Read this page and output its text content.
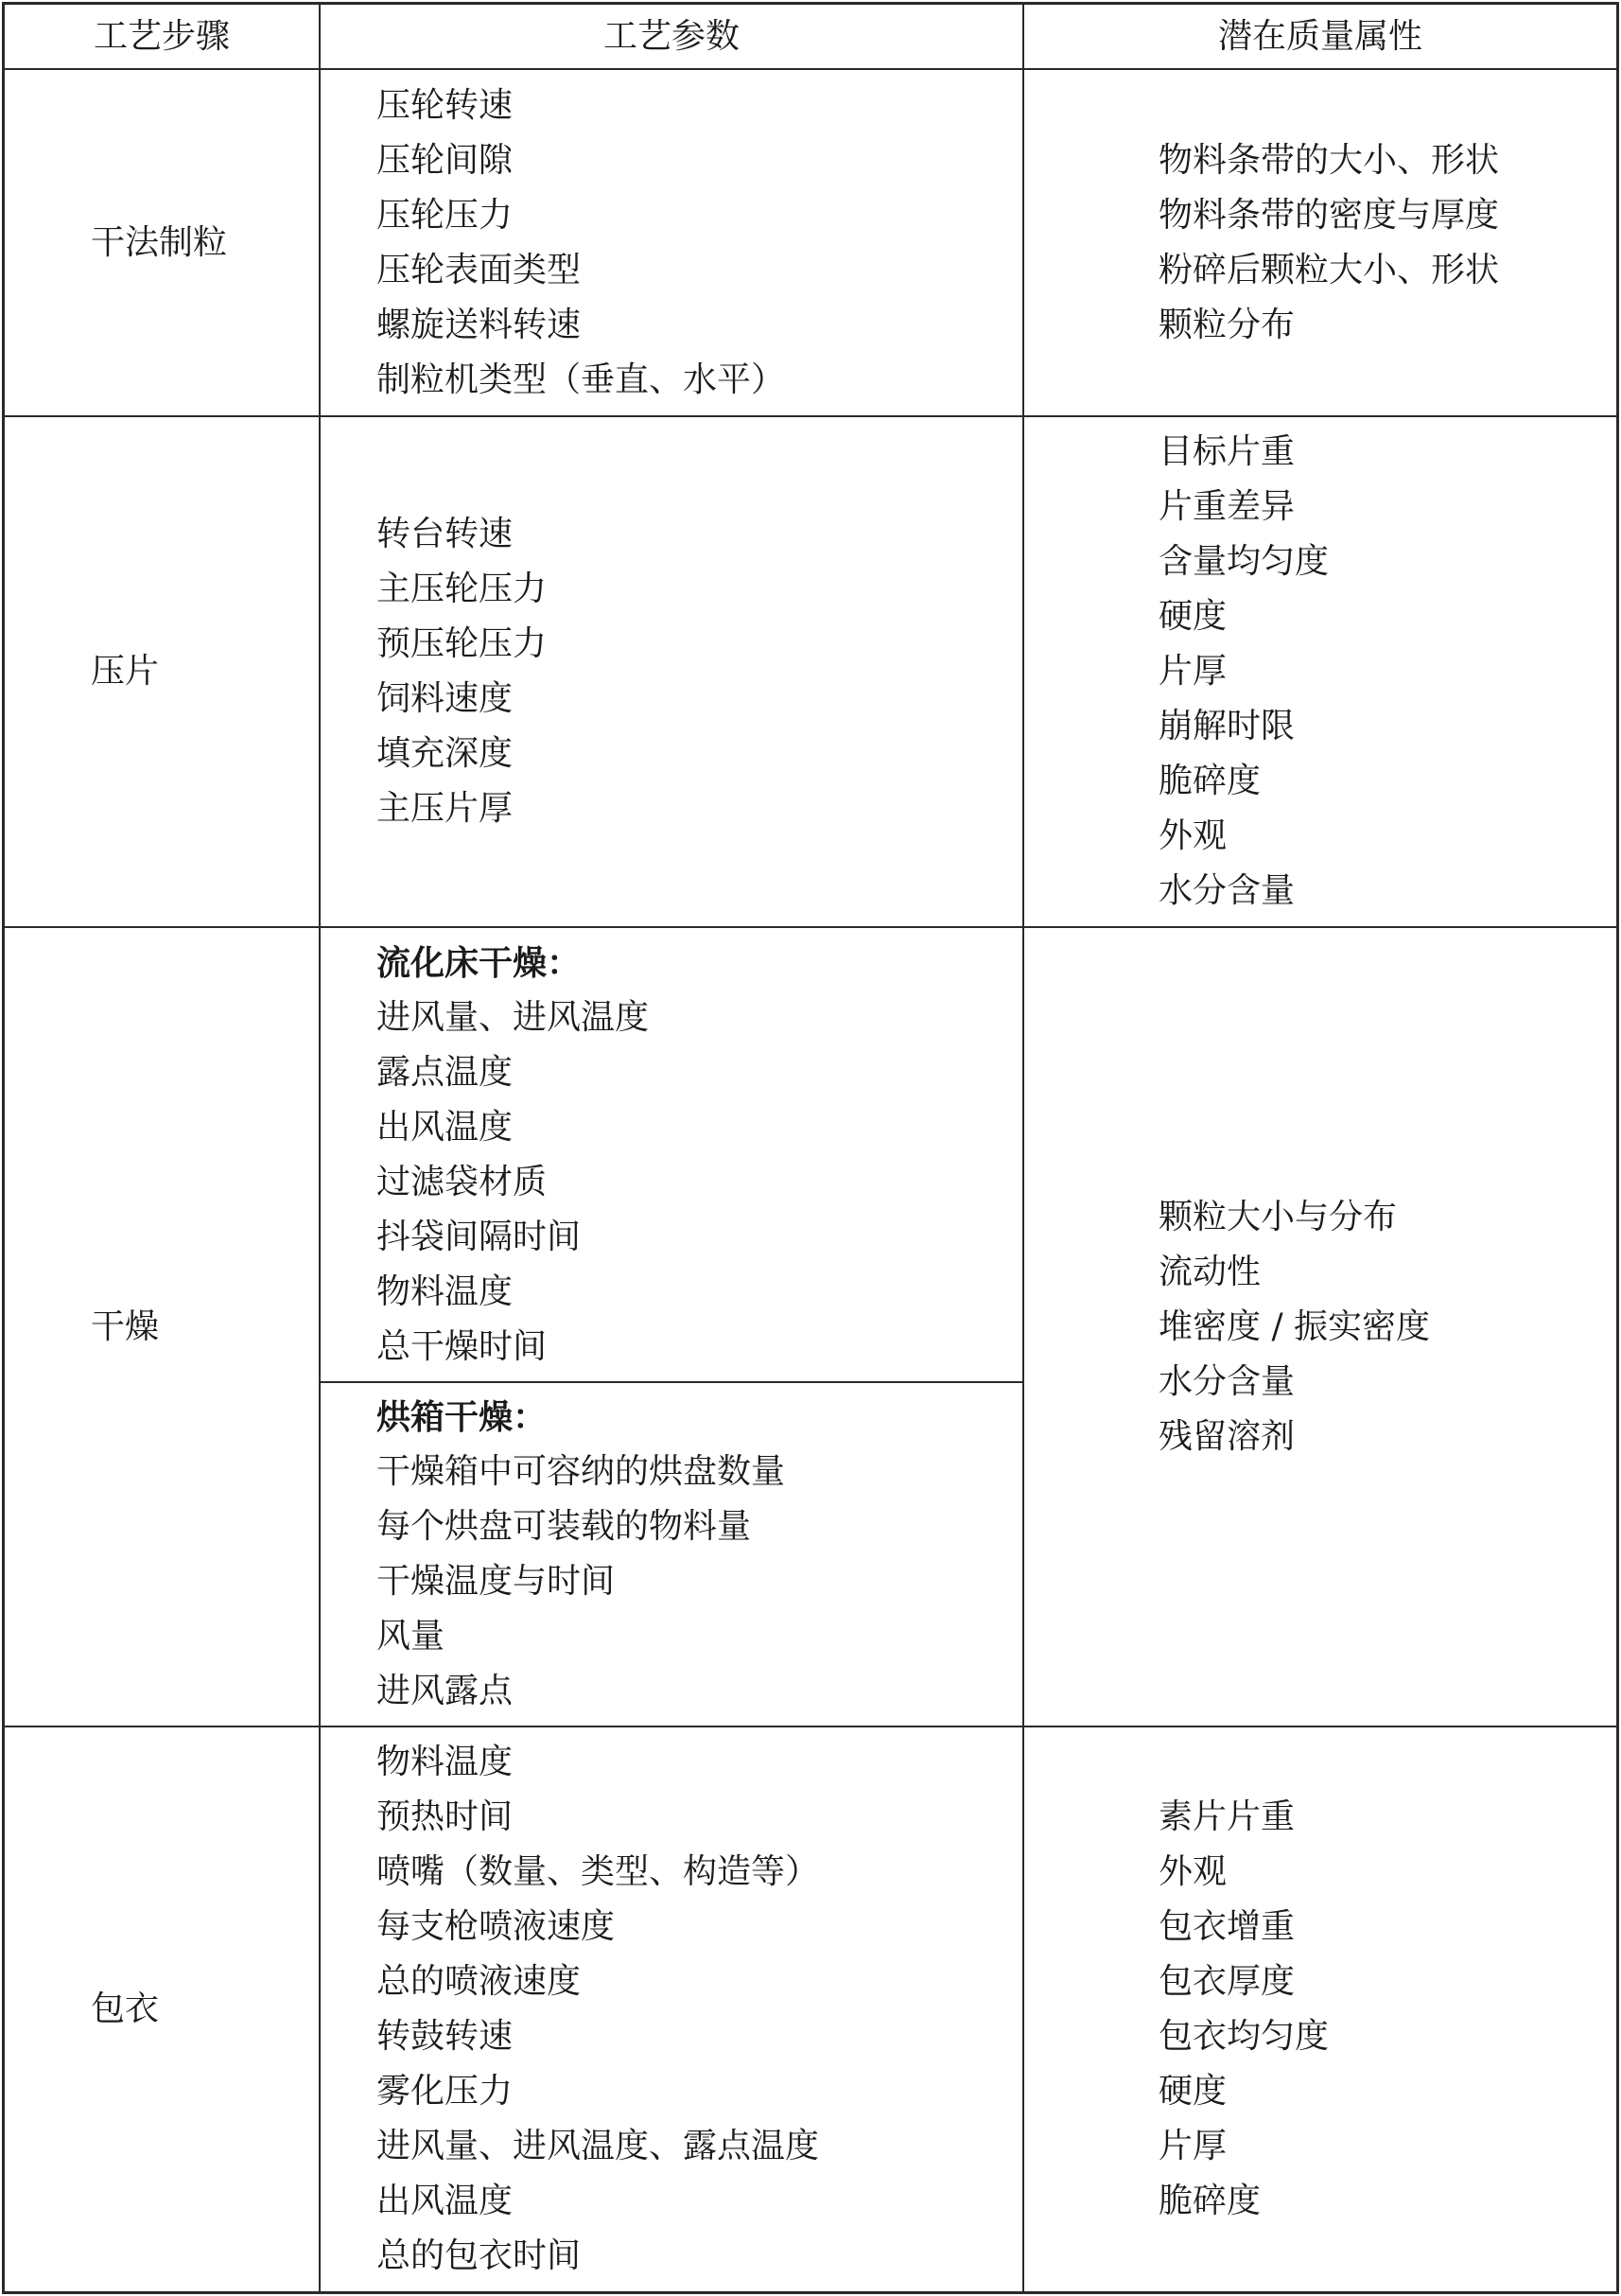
工艺步骤	工艺参数	潜在质量属性
干法制粒
压轮转速
压轮间隙
压轮压力
压轮表面类型
螺旋送料转速
制粒机类型（垂直、水平）
物料条带的大小、形状
物料条带的密度与厚度
粉碎后颗粒大小、形状
颗粒分布
压片
转台转速
主压轮压力
预压轮压力
饲料速度
填充深度
主压片厚
目标片重
片重差异
含量均匀度
硬度
片厚
崩解时限
脆碎度
外观
水分含量
干燥
流化床干燥：
进风量、进风温度
露点温度
出风温度
过滤袋材质
抖袋间隔时间
物料温度
总干燥时间
烘箱干燥：
干燥箱中可容纳的烘盘数量
每个烘盘可装载的物料量
干燥温度与时间
风量
进风露点
颗粒大小与分布
流动性
堆密度 / 振实密度
水分含量
残留溶剂
包衣
物料温度
预热时间
喷嘴（数量、类型、构造等）
每支枪喷液速度
总的喷液速度
转鼓转速
雾化压力
进风量、进风温度、露点温度
出风温度
总的包衣时间
素片片重
外观
包衣增重
包衣厚度
包衣均匀度
硬度
片厚
脆碎度
